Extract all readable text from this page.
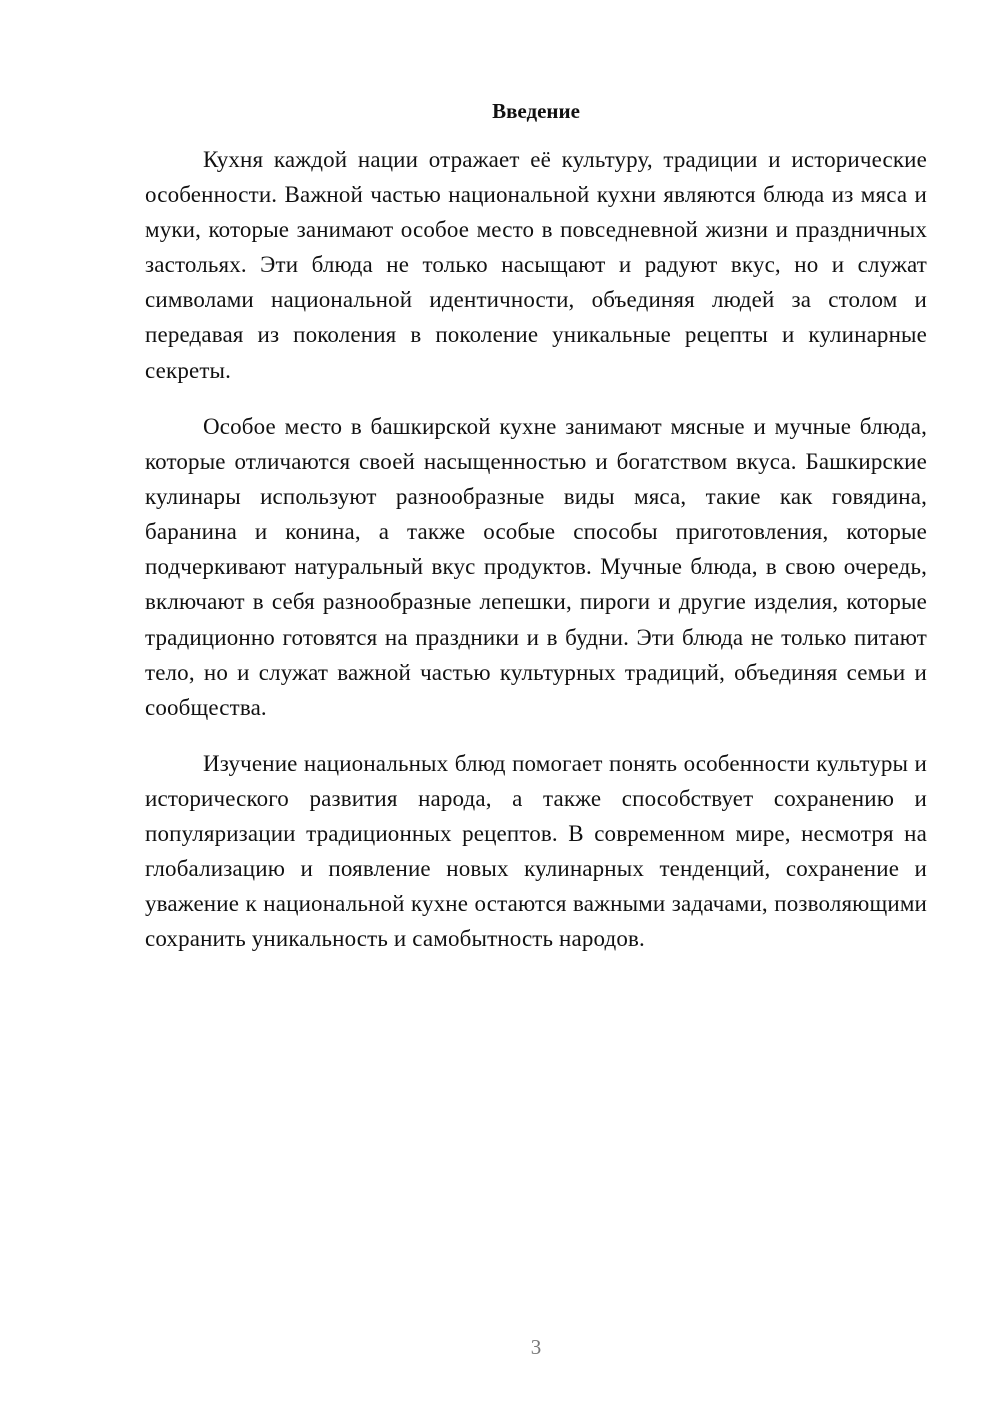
Введение

Кухня каждой нации отражает её культуру, традиции и исторические особенности. Важной частью национальной кухни являются блюда из мяса и муки, которые занимают особое место в повседневной жизни и праздничных застольях. Эти блюда не только насыщают и радуют вкус, но и служат символами национальной идентичности, объединяя людей за столом и передавая из поколения в поколение уникальные рецепты и кулинарные секреты.

Особое место в башкирской кухне занимают мясные и мучные блюда, которые отличаются своей насыщенностью и богатством вкуса. Башкирские кулинары используют разнообразные виды мяса, такие как говядина, баранина и конина, а также особые способы приготовления, которые подчеркивают натуральный вкус продуктов. Мучные блюда, в свою очередь, включают в себя разнообразные лепешки, пироги и другие изделия, которые традиционно готовятся на праздники и в будни. Эти блюда не только питают тело, но и служат важной частью культурных традиций, объединяя семьи и сообщества.

Изучение национальных блюд помогает понять особенности культуры и исторического развития народа, а также способствует сохранению и популяризации традиционных рецептов. В современном мире, несмотря на глобализацию и появление новых кулинарных тенденций, сохранение и уважение к национальной кухне остаются важными задачами, позволяющими сохранить уникальность и самобытность народов.

3
